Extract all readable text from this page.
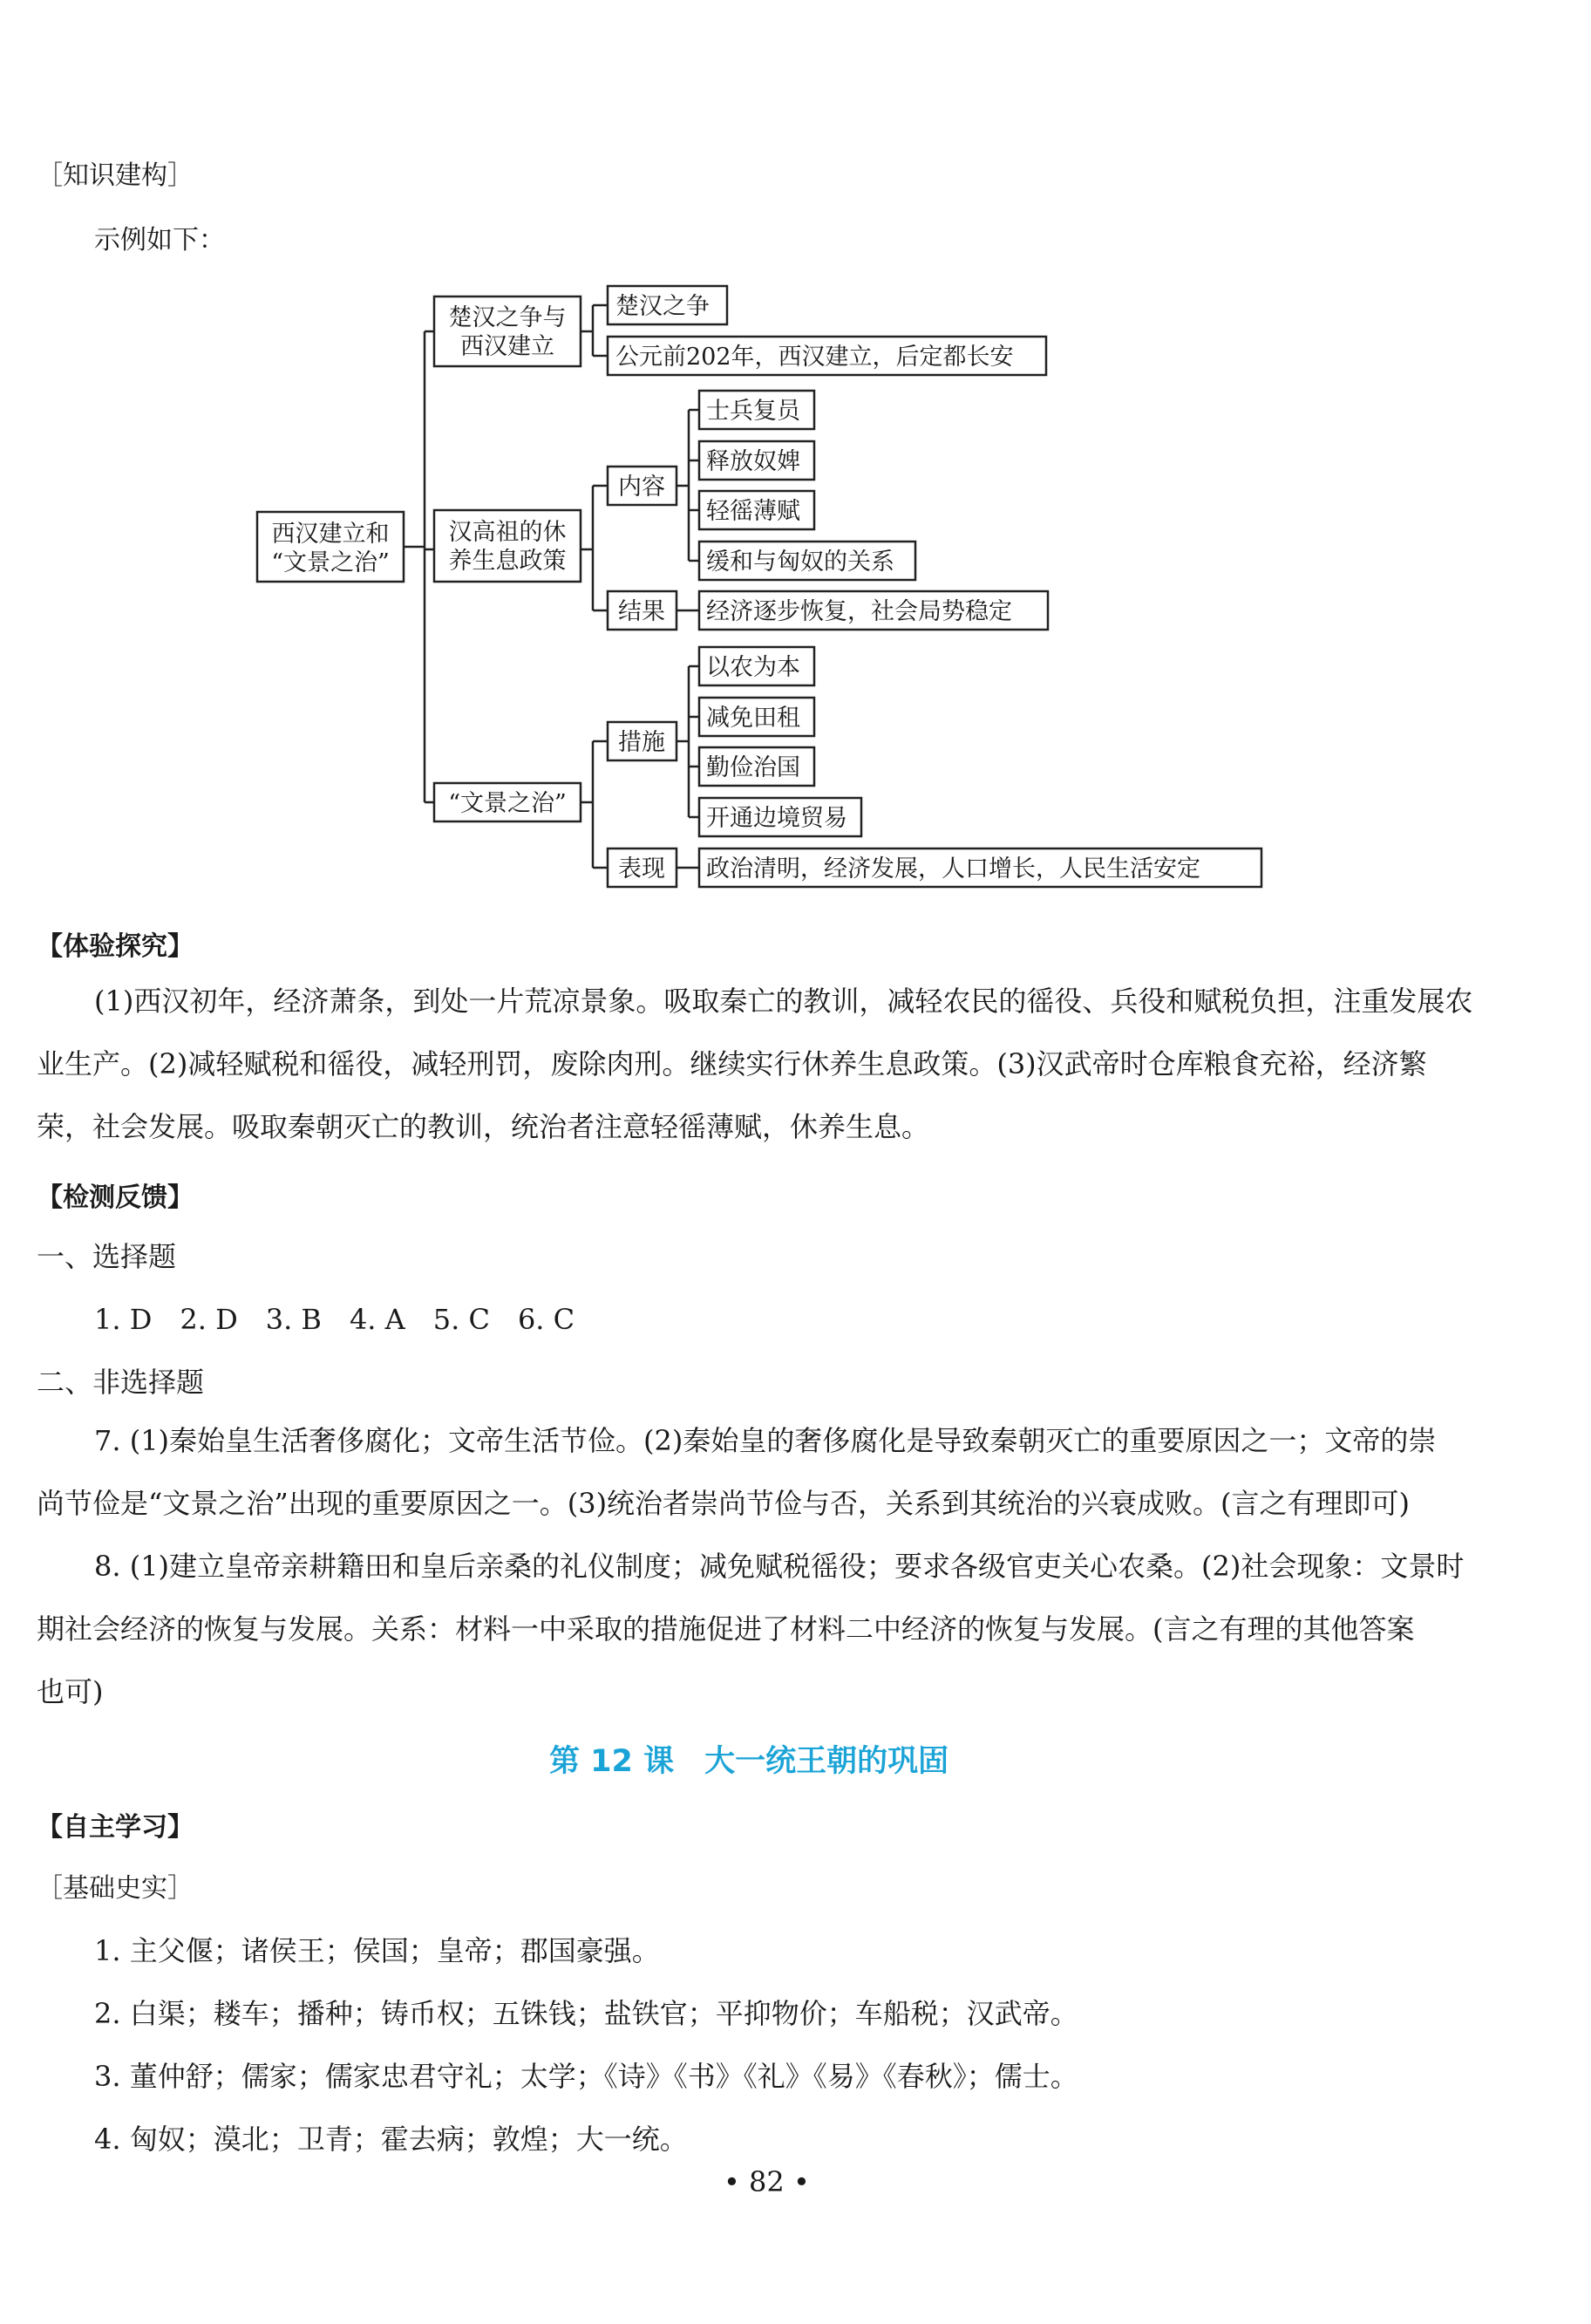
［知识建构］
示例如下：
西汉建立和
“文景之治”
楚汉之争与
西汉建立
楚汉之争
公元前202年，西汉建立，后定都长安
汉高祖的休
养生息政策
内容
结果
士兵复员
释放奴婢
轻徭薄赋
缓和与匈奴的关系
经济逐步恢复，社会局势稳定
“文景之治”
措施
表现
以农为本
减免田租
勤俭治国
开通边境贸易
政治清明，经济发展，人口增长，人民生活安定
【体验探究】
(1)西汉初年，经济萧条，到处一片荒凉景象。吸取秦亡的教训，减轻农民的徭役、兵役和赋税负担，注重发展农
业生产。(2)减轻赋税和徭役，减轻刑罚，废除肉刑。继续实行休养生息政策。(3)汉武帝时仓库粮食充裕，经济繁
荣，社会发展。吸取秦朝灭亡的教训，统治者注意轻徭薄赋，休养生息。
【检测反馈】
一、选择题
1. D　2. D　3. B　4. A　5. C　6. C
二、非选择题
7. (1)秦始皇生活奢侈腐化；文帝生活节俭。(2)秦始皇的奢侈腐化是导致秦朝灭亡的重要原因之一；文帝的崇
尚节俭是“文景之治”出现的重要原因之一。(3)统治者崇尚节俭与否，关系到其统治的兴衰成败。(言之有理即可)
8. (1)建立皇帝亲耕籍田和皇后亲桑的礼仪制度；减免赋税徭役；要求各级官吏关心农桑。(2)社会现象：文景时
期社会经济的恢复与发展。关系：材料一中采取的措施促进了材料二中经济的恢复与发展。(言之有理的其他答案
也可)
第 12 课　大一统王朝的巩固
【自主学习】
［基础史实］
1. 主父偃；诸侯王；侯国；皇帝；郡国豪强。
2. 白渠；耧车；播种；铸币权；五铢钱；盐铁官；平抑物价；车船税；汉武帝。
3. 董仲舒；儒家；儒家忠君守礼；太学；《诗》《书》《礼》《易》《春秋》；儒士。
4. 匈奴；漠北；卫青；霍去病；敦煌；大一统。
• 82 •
